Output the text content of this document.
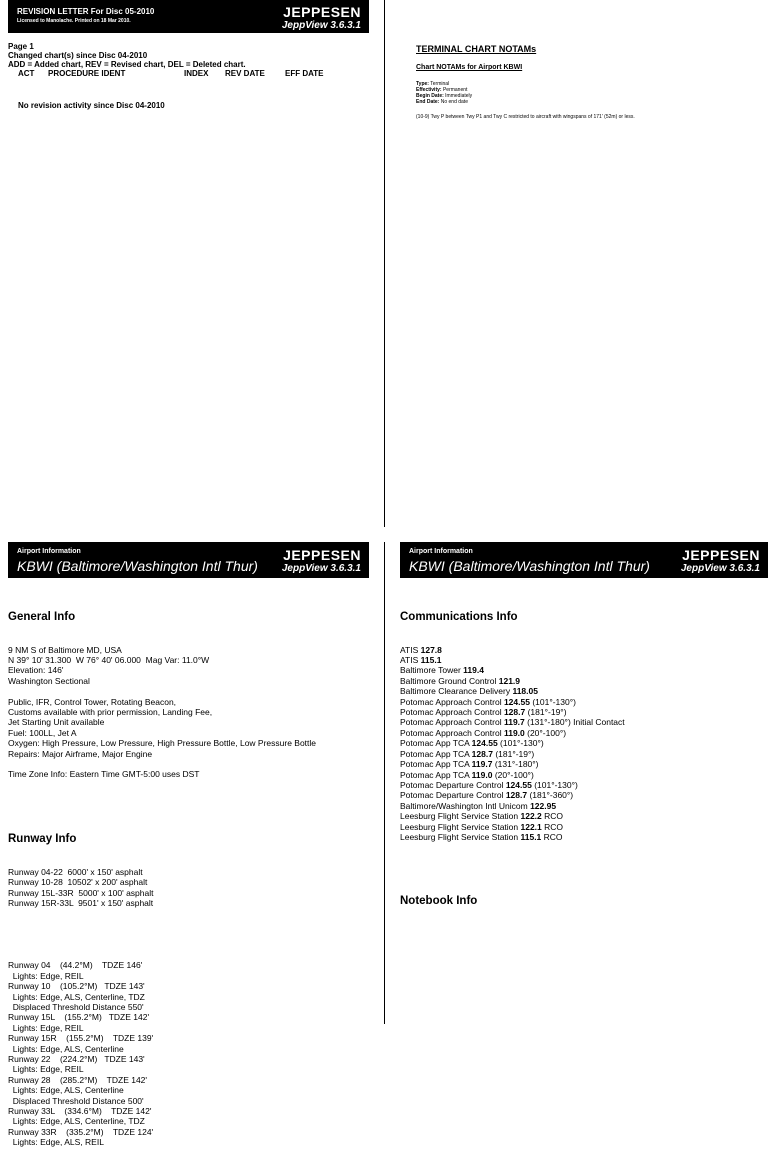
REVISION LETTER For Disc 05-2010
Licensed to Manolache. Printed on 18 Mar 2010.
JEPPESEN
JeppView 3.6.3.1
Page 1
Changed chart(s) since Disc 04-2010
ADD = Added chart, REV = Revised chart, DEL = Deleted chart.
ACT	PROCEDURE IDENT	INDEX	REV DATE	EFF DATE
No revision activity since Disc 04-2010
TERMINAL CHART NOTAMs
Chart NOTAMs for Airport KBWI
Type: Terminal
Effectivity: Permanent
Begin Date: Immediately
End Date: No end date
(10-9) Twy P between Twy P1 and Twy C restricted to aircraft with wingspans of 171' (52m) or less.
Airport Information
KBWI (Baltimore/Washington Intl Thur)
JEPPESEN
JeppView 3.6.3.1

General Info

9 NM S of Baltimore MD, USA
N 39° 10' 31.300  W 76° 40' 06.000  Mag Var: 11.0°W
Elevation: 146'
Washington Sectional
Public, IFR, Control Tower, Rotating Beacon,
Customs available with prior permission, Landing Fee,
Jet Starting Unit available
Fuel: 100LL, Jet A
Oxygen: High Pressure, Low Pressure, High Pressure Bottle, Low Pressure Bottle
Repairs: Major Airframe, Major Engine
Time Zone Info: Eastern Time GMT-5:00 uses DST

Runway Info

Runway 04-22  6000' x 150' asphalt
Runway 10-28  10502' x 200' asphalt
Runway 15L-33R  5000' x 100' asphalt
Runway 15R-33L  9501' x 150' asphalt

Runway 04    (44.2°M)    TDZE 146'
Lights: Edge, REIL
Runway 10    (105.2°M)   TDZE 143'
Lights: Edge, ALS, Centerline, TDZ
Displaced Threshold Distance 550'
Runway 15L    (155.2°M)   TDZE 142'
Lights: Edge, REIL
Runway 15R    (155.2°M)    TDZE 139'
Lights: Edge, ALS, Centerline
Runway 22    (224.2°M)   TDZE 143'
Lights: Edge, REIL
Runway 28    (285.2°M)    TDZE 142'
Lights: Edge, ALS, Centerline
Displaced Threshold Distance 500'
Runway 33L    (334.6°M)    TDZE 142'
Lights: Edge, ALS, Centerline, TDZ
Runway 33R    (335.2°M)    TDZE 124'
Lights: Edge, ALS, REIL

Airport Information
KBWI (Baltimore/Washington Intl Thur)
JEPPESEN
JeppView 3.6.3.1

Communications Info

ATIS 127.8
ATIS 115.1
Baltimore Tower 119.4
Baltimore Ground Control 121.9
Baltimore Clearance Delivery 118.05
Potomac Approach Control 124.55 (101°-130°)
Potomac Approach Control 128.7 (181°-19°)
Potomac Approach Control 119.7 (131°-180°) Initial Contact
Potomac Approach Control 119.0 (20°-100°)
Potomac App TCA 124.55 (101°-130°)
Potomac App TCA 128.7 (181°-19°)
Potomac App TCA 119.7 (131°-180°)
Potomac App TCA 119.0 (20°-100°)
Potomac Departure Control 124.55 (101°-130°)
Potomac Departure Control 128.7 (181°-360°)
Baltimore/Washington Intl Unicom 122.95
Leesburg Flight Service Station 122.2 RCO
Leesburg Flight Service Station 122.1 RCO
Leesburg Flight Service Station 115.1 RCO

Notebook Info
